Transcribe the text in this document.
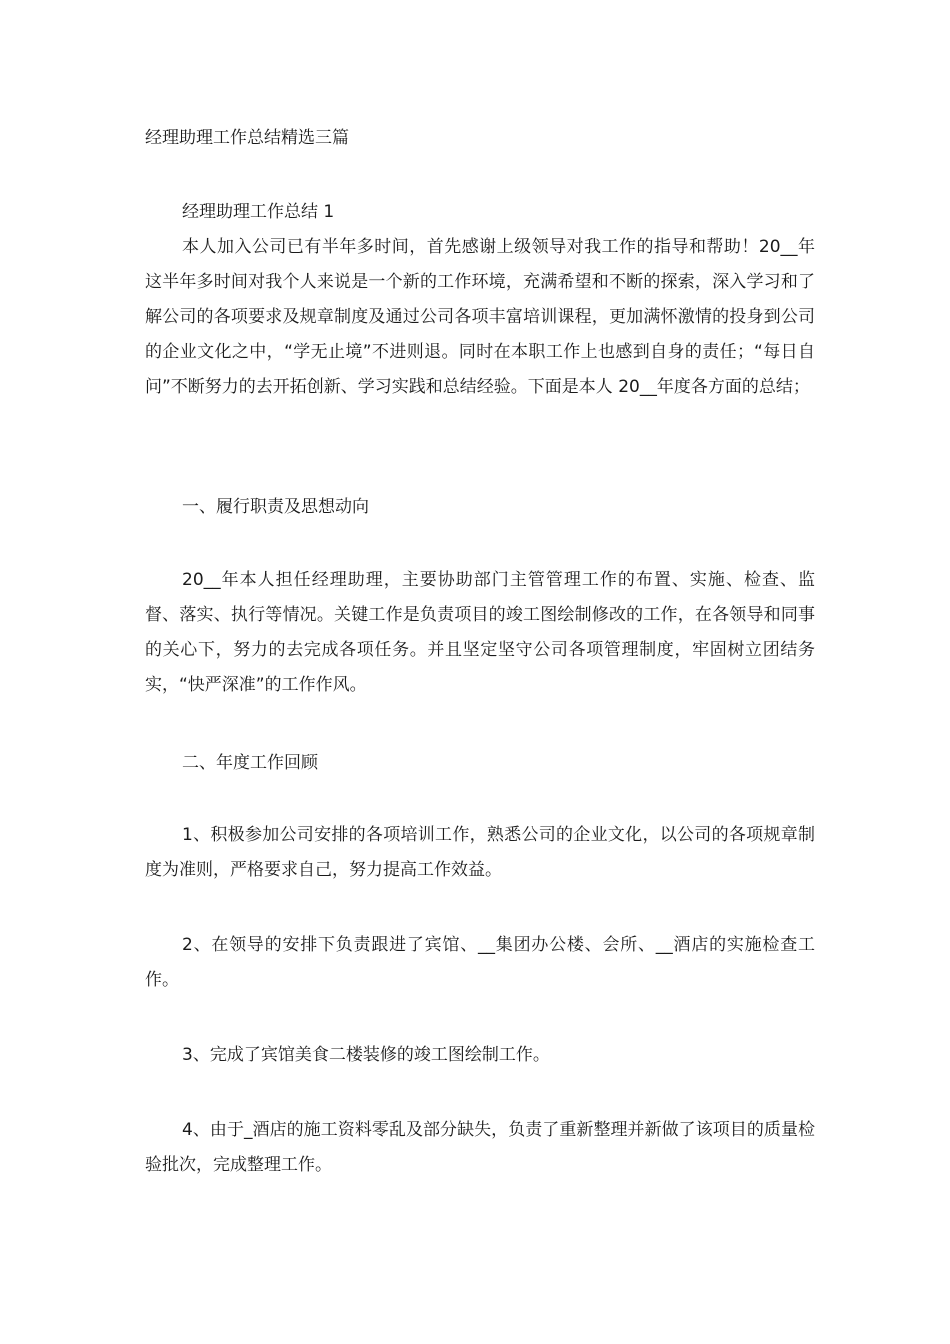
经理助理工作总结精选三篇

经理助理工作总结 1

本人加入公司已有半年多时间，首先感谢上级领导对我工作的指导和帮助！20__年这半年多时间对我个人来说是一个新的工作环境，充满希望和不断的探索，深入学习和了解公司的各项要求及规章制度及通过公司各项丰富培训课程，更加满怀激情的投身到公司的企业文化之中，“学无止境”不进则退。同时在本职工作上也感到自身的责任；“每日自问”不断努力的去开拓创新、学习实践和总结经验。下面是本人 20__年度各方面的总结；

一、履行职责及思想动向

20__年本人担任经理助理，主要协助部门主管管理工作的布置、实施、检查、监督、落实、执行等情况。关键工作是负责项目的竣工图绘制修改的工作，在各领导和同事的关心下，努力的去完成各项任务。并且坚定坚守公司各项管理制度，牢固树立团结务实，“快严深准”的工作作风。

二、年度工作回顾

1、积极参加公司安排的各项培训工作，熟悉公司的企业文化，以公司的各项规章制度为准则，严格要求自己，努力提高工作效益。

2、在领导的安排下负责跟进了宾馆、__集团办公楼、会所、__酒店的实施检查工作。

3、完成了宾馆美食二楼装修的竣工图绘制工作。

4、由于_酒店的施工资料零乱及部分缺失，负责了重新整理并新做了该项目的质量检验批次，完成整理工作。
